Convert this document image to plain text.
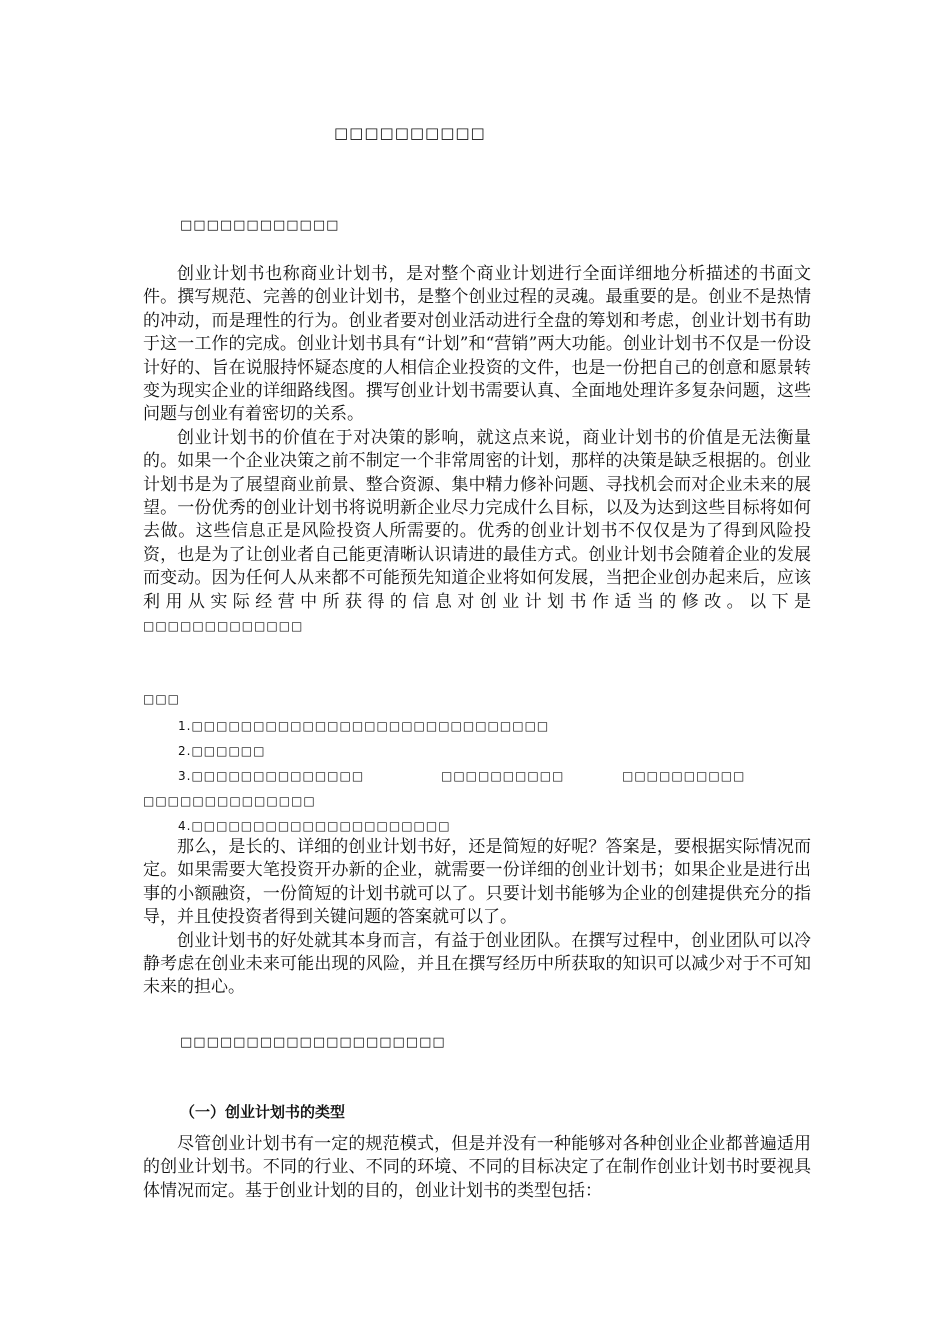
□□□□□□□□□□
□□□□□□□□□□□□

创业计划书也称商业计划书，是对整个商业计划进行全面详细地分析描述的书面文件。撰写规范、完善的创业计划书，是整个创业过程的灵魂。最重要的是。创业不是热情的冲动，而是理性的行为。创业者要对创业活动进行全盘的筹划和考虑，创业计划书有助于这一工作的完成。创业计划书具有“计划”和“营销”两大功能。创业计划书不仅是一份设计好的、旨在说服持怀疑态度的人相信企业投资的文件，也是一份把自己的创意和愿景转变为现实企业的详细路线图。撰写创业计划书需要认真、全面地处理许多复杂问题，这些问题与创业有着密切的关系。

创业计划书的价值在于对决策的影响，就这点来说，商业计划书的价值是无法衡量的。如果一个企业决策之前不制定一个非常周密的计划，那样的决策是缺乏根据的。创业计划书是为了展望商业前景、整合资源、集中精力修补问题、寻找机会而对企业未来的展望。一份优秀的创业计划书将说明新企业尽力完成什么目标，以及为达到这些目标将如何去做。这些信息正是风险投资人所需要的。优秀的创业计划书不仅仅是为了得到风险投资，也是为了让创业者自己能更清晰认识请进的最佳方式。创业计划书会随着企业的发展而变动。因为任何人从来都不可能预先知道企业将如何发展，当把企业创办起来后，应该利用从实际经营中所获得的信息对创业计划书作适当的修改。以下是□□□□□□□□□□□□□

□□□
1.□□□□□□□□□□□□□□□□□□□□□□□□□□□□□
2.□□□□□□
3.□□□□□□□□□□□□□□	□□□□□□□□□□	□□□□□□□□□□
□□□□□□□□□□□□□□
4.□□□□□□□□□□□□□□□□□□□□□

那么，是长的、详细的创业计划书好，还是简短的好呢？答案是，要根据实际情况而定。如果需要大笔投资开办新的企业，就需要一份详细的创业计划书；如果企业是进行出事的小额融资，一份简短的计划书就可以了。只要计划书能够为企业的创建提供充分的指导，并且使投资者得到关键问题的答案就可以了。

创业计划书的好处就其本身而言，有益于创业团队。在撰写过程中，创业团队可以冷静考虑在创业未来可能出现的风险，并且在撰写经历中所获取的知识可以减少对于不可知未来的担心。

□□□□□□□□□□□□□□□□□□□□
（一）创业计划书的类型

尽管创业计划书有一定的规范模式，但是并没有一种能够对各种创业企业都普遍适用的创业计划书。不同的行业、不同的环境、不同的目标决定了在制作创业计划书时要视具体情况而定。基于创业计划的目的，创业计划书的类型包括：
